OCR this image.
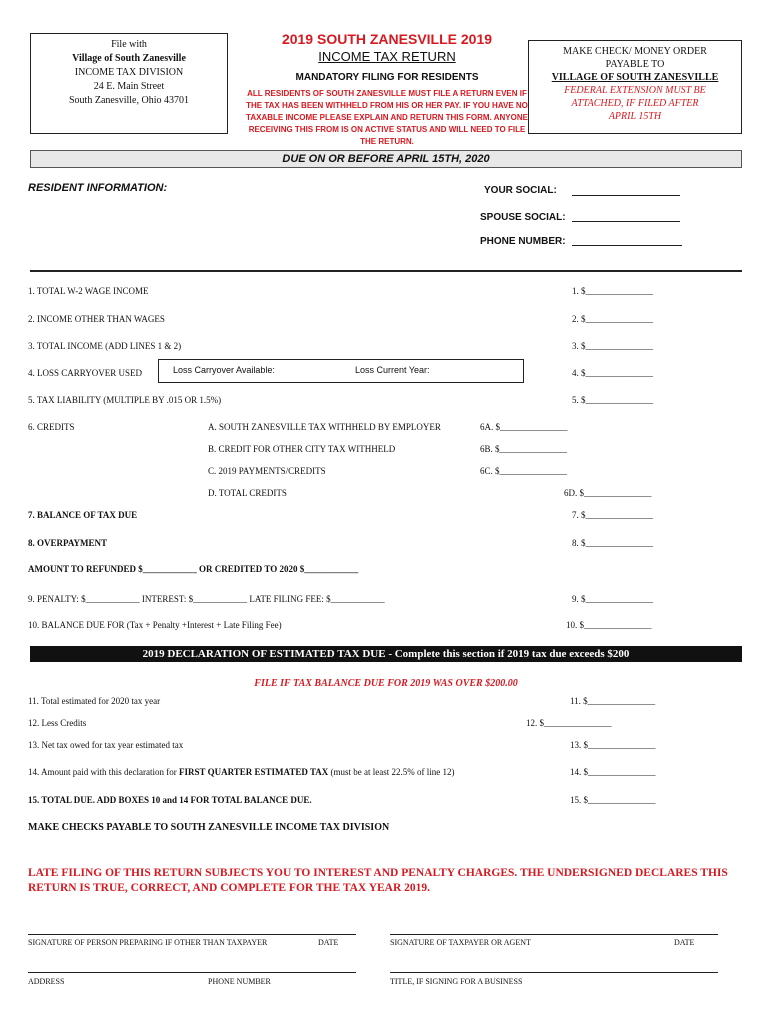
File with
Village of South Zanesville
INCOME TAX DIVISION
24 E. Main Street
South Zanesville, Ohio 43701
2019 SOUTH ZANESVILLE 2019
INCOME TAX RETURN
MANDATORY FILING FOR RESIDENTS
ALL RESIDENTS OF SOUTH ZANESVILLE MUST FILE A RETURN EVEN IF THE TAX HAS BEEN WITHHELD FROM HIS OR HER PAY. IF YOU HAVE NO TAXABLE INCOME PLEASE EXPLAIN AND RETURN THIS FORM. ANYONE RECEIVING THIS FROM IS ON ACTIVE STATUS AND WILL NEED TO FILE THE RETURN.
MAKE CHECK/ MONEY ORDER
PAYABLE TO
VILLAGE OF SOUTH ZANESVILLE
FEDERAL EXTENSION MUST BE
ATTACHED, IF FILED AFTER
APRIL 15TH
DUE ON OR BEFORE APRIL 15TH, 2020
RESIDENT INFORMATION:	YOUR SOCIAL:
SPOUSE SOCIAL:
PHONE NUMBER:
1. TOTAL W-2 WAGE INCOME	1. $_______________
2. INCOME OTHER THAN WAGES	2. $_______________
3. TOTAL INCOME (ADD LINES 1 & 2)	3. $_______________
4. LOSS CARRYOVER USED	Loss Carryover Available:	Loss Current Year:	4. $_______________
5. TAX LIABILITY (MULTIPLE BY .015 OR 1.5%)	5. $_______________
6. CREDITS	A. SOUTH ZANESVILLE TAX WITHHELD BY EMPLOYER	6A. $_______________
B. CREDIT FOR OTHER CITY TAX WITHHELD	6B. $_______________
C. 2019 PAYMENTS/CREDITS	6C. $_______________
D. TOTAL CREDITS	6D. $_______________
7. BALANCE OF TAX DUE	7. $_______________
8. OVERPAYMENT	8. $_______________
AMOUNT TO REFUNDED $____________ OR CREDITED TO 2020 $____________
9. PENALTY: $____________ INTEREST: $____________ LATE FILING FEE: $____________	9. $_______________
10. BALANCE DUE FOR (Tax + Penalty +Interest + Late Filing Fee)	10. $_______________
2019 DECLARATION OF ESTIMATED TAX DUE - Complete this section if 2019 tax due exceeds $200
FILE IF TAX BALANCE DUE FOR 2019 WAS OVER $200.00
11. Total estimated for 2020 tax year	11. $_______________
12. Less Credits	12. $_______________
13. Net tax owed for tax year estimated tax	13. $_______________
14. Amount paid with this declaration for FIRST QUARTER ESTIMATED TAX (must be at least 22.5% of line 12)	14. $_______________
15. TOTAL DUE. ADD BOXES 10 and 14 FOR TOTAL BALANCE DUE.	15. $_______________
MAKE CHECKS PAYABLE TO SOUTH ZANESVILLE INCOME TAX DIVISION
LATE FILING OF THIS RETURN SUBJECTS YOU TO INTEREST AND PENALTY CHARGES. THE UNDERSIGNED DECLARES THIS RETURN IS TRUE, CORRECT, AND COMPLETE FOR THE TAX YEAR 2019.
SIGNATURE OF PERSON PREPARING IF OTHER THAN TAXPAYER	DATE	SIGNATURE OF TAXPAYER OR AGENT	DATE
ADDRESS	PHONE NUMBER	TITLE, IF SIGNING FOR A BUSINESS
